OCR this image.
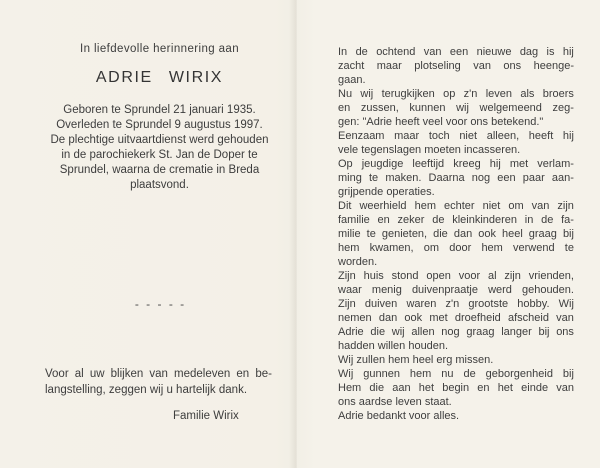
In liefdevolle herinnering aan
ADRIE WIRIX
Geboren te Sprundel 21 januari 1935.
Overleden te Sprundel 9 augustus 1997.
De plechtige uitvaartdienst werd gehouden
in de parochiekerk St. Jan de Doper te
Sprundel, waarna de crematie in Breda
plaatsvond.
- - - - -
Voor al uw blijken van medeleven en be-
langstelling, zeggen wij u hartelijk dank.
Familie Wirix
In de ochtend van een nieuwe dag is hij
zacht maar plotseling van ons heenge-
gaan.
Nu wij terugkijken op z'n leven als broers
en zussen, kunnen wij welgemeend zeg-
gen: "Adrie heeft veel voor ons betekend."
Eenzaam maar toch niet alleen, heeft hij
vele tegenslagen moeten incasseren.
Op jeugdige leeftijd kreeg hij met verlam-
ming te maken. Daarna nog een paar aan-
grijpende operaties.
Dit weerhield hem echter niet om van zijn
familie en zeker de kleinkinderen in de fa-
milie te genieten, die dan ook heel graag bij
hem kwamen, om door hem verwend te
worden.
Zijn huis stond open voor al zijn vrienden,
waar menig duivenpraatje werd gehouden.
Zijn duiven waren z'n grootste hobby. Wij
nemen dan ook met droefheid afscheid van
Adrie die wij allen nog graag langer bij ons
hadden willen houden.
Wij zullen hem heel erg missen.
Wij gunnen hem nu de geborgenheid bij
Hem die aan het begin en het einde van
ons aardse leven staat.
Adrie bedankt voor alles.
